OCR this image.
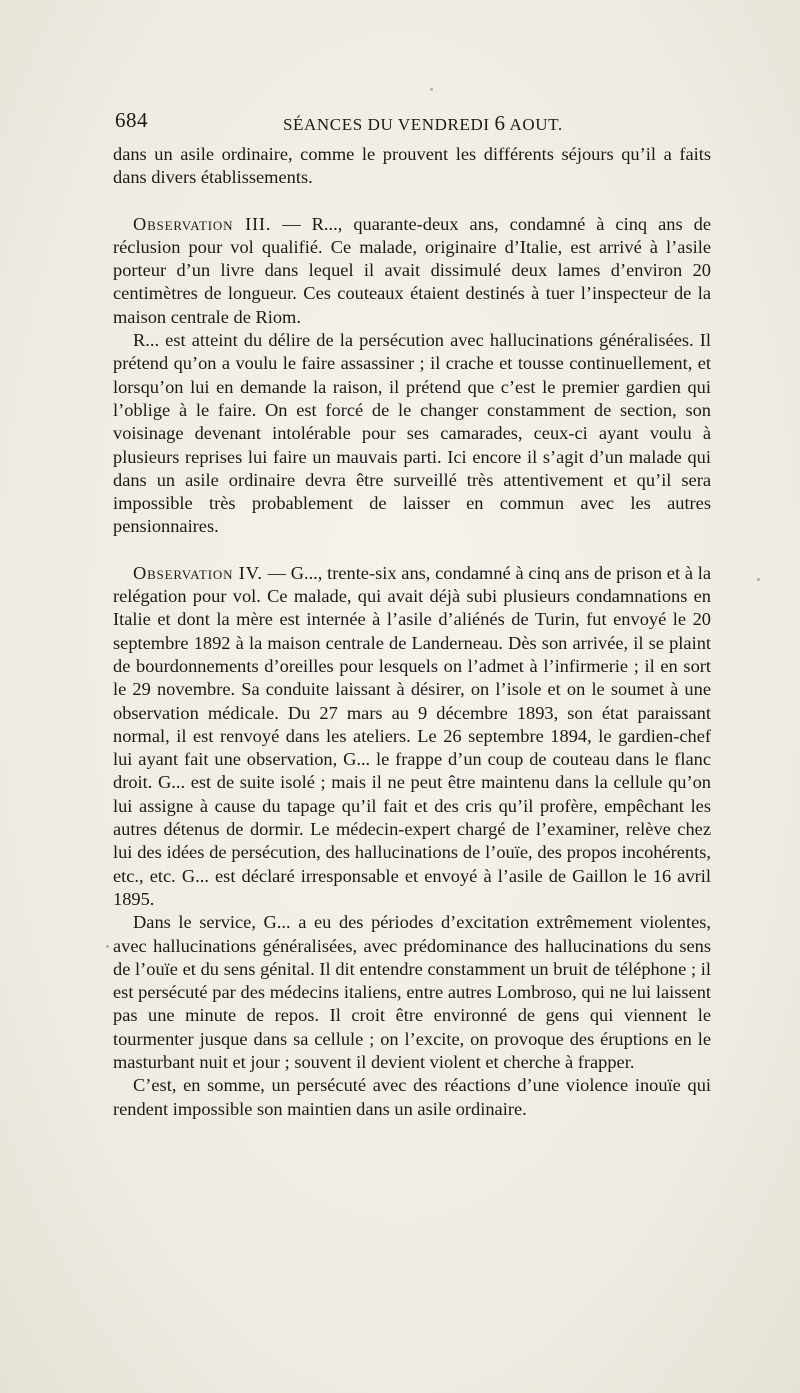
684	SÉANCES DU VENDREDI 6 AOUT.

dans un asile ordinaire, comme le prouvent les différents séjours qu’il a faits dans divers établissements.

Observation III. — R..., quarante-deux ans, condamné à cinq ans de réclusion pour vol qualifié. Ce malade, originaire d’Italie, est arrivé à l’asile porteur d’un livre dans lequel il avait dissimulé deux lames d’environ 20 centimètres de longueur. Ces couteaux étaient destinés à tuer l’inspecteur de la maison centrale de Riom.

R... est atteint du délire de la persécution avec hallucinations généralisées. Il prétend qu’on a voulu le faire assassiner ; il crache et tousse continuellement, et lorsqu’on lui en demande la raison, il prétend que c’est le premier gardien qui l’oblige à le faire. On est forcé de le changer constamment de section, son voisinage devenant intolérable pour ses camarades, ceux-ci ayant voulu à plusieurs reprises lui faire un mauvais parti. Ici encore il s’agit d’un malade qui dans un asile ordinaire devra être surveillé très attentivement et qu’il sera impossible très probablement de laisser en commun avec les autres pensionnaires.

Observation IV. — G..., trente-six ans, condamné à cinq ans de prison et à la relégation pour vol. Ce malade, qui avait déjà subi plusieurs condamnations en Italie et dont la mère est internée à l’asile d’aliénés de Turin, fut envoyé le 20 septembre 1892 à la maison centrale de Landerneau. Dès son arrivée, il se plaint de bourdonnements d’oreilles pour lesquels on l’admet à l’infirmerie ; il en sort le 29 novembre. Sa conduite laissant à désirer, on l’isole et on le soumet à une observation médicale. Du 27 mars au 9 décembre 1893, son état paraissant normal, il est renvoyé dans les ateliers. Le 26 septembre 1894, le gardien-chef lui ayant fait une observation, G... le frappe d’un coup de couteau dans le flanc droit. G... est de suite isolé ; mais il ne peut être maintenu dans la cellule qu’on lui assigne à cause du tapage qu’il fait et des cris qu’il profère, empêchant les autres détenus de dormir. Le médecin-expert chargé de l’examiner, relève chez lui des idées de persécution, des hallucinations de l’ouïe, des propos incohérents, etc., etc. G... est déclaré irresponsable et envoyé à l’asile de Gaillon le 16 avril 1895.

Dans le service, G... a eu des périodes d’excitation extrêmement violentes, avec hallucinations généralisées, avec prédominance des hallucinations du sens de l’ouïe et du sens génital. Il dit entendre constamment un bruit de téléphone ; il est persécuté par des médecins italiens, entre autres Lombroso, qui ne lui laissent pas une minute de repos. Il croit être environné de gens qui viennent le tourmenter jusque dans sa cellule ; on l’excite, on provoque des éruptions en le masturbant nuit et jour ; souvent il devient violent et cherche à frapper.

C’est, en somme, un persécuté avec des réactions d’une violence inouïe qui rendent impossible son maintien dans un asile ordinaire.
